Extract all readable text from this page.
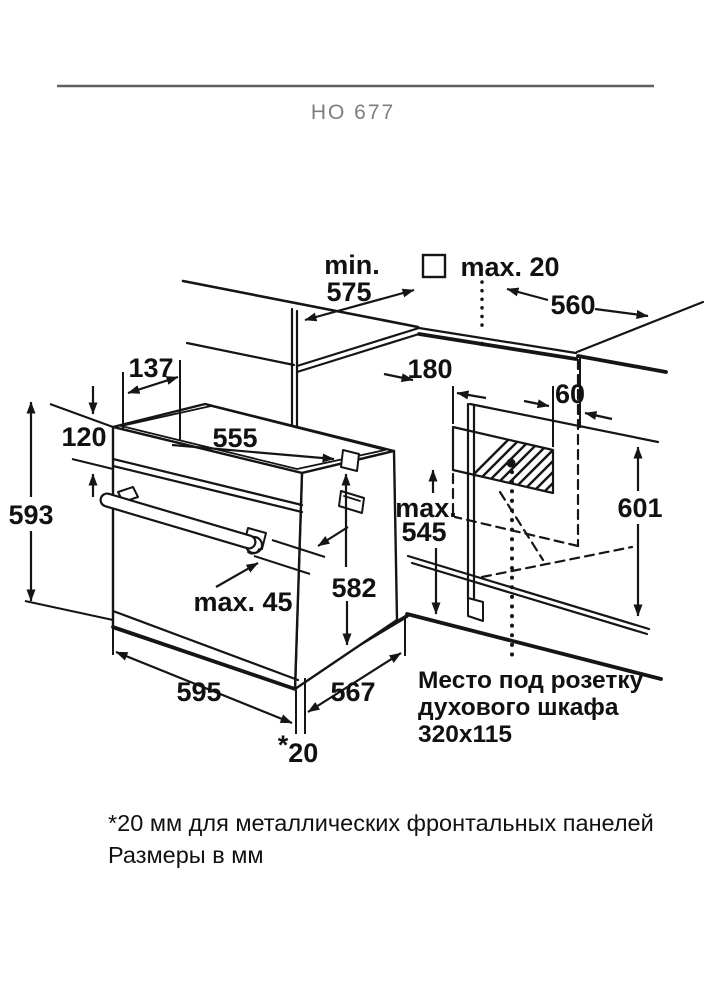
HO 677
min.
575
max. 20
560
137
120
593
555
180
60
601
max.
545
582
max. 45
595	567
*20
Место под розетку
духового шкафа
320x115
*20 мм для металлических фронтальных панелей
Размеры в мм
